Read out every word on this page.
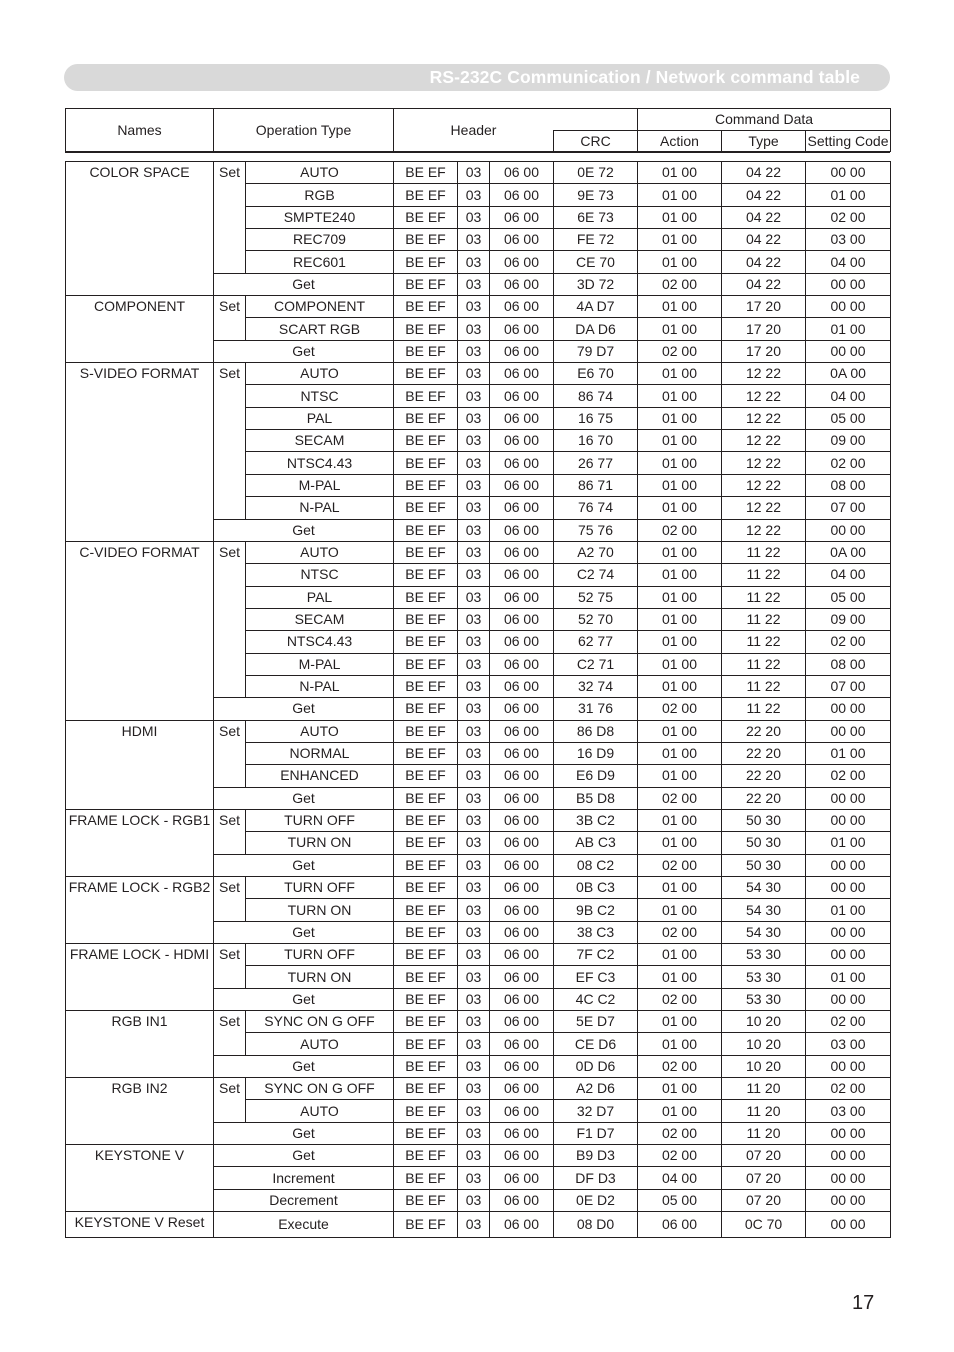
RS-232C Communication / Network command table
Names	Operation Type	Header		Command Data		
			CRC	Action	Type	Setting Code
COLOR SPACE	Set	AUTO	BE EF	03	06 00	0E 72	01 00	04 22	00 00
		RGB	BE EF	03	06 00	9E 73	01 00	04 22	01 00
		SMPTE240	BE EF	03	06 00	6E 73	01 00	04 22	02 00
		REC709	BE EF	03	06 00	FE 72	01 00	04 22	03 00
		REC601	BE EF	03	06 00	CE 70	01 00	04 22	04 00
	Get		BE EF	03	06 00	3D 72	02 00	04 22	00 00
COMPONENT	Set	COMPONENT	BE EF	03	06 00	4A D7	01 00	17 20	00 00
		SCART RGB	BE EF	03	06 00	DA D6	01 00	17 20	01 00
	Get		BE EF	03	06 00	79 D7	02 00	17 20	00 00
S-VIDEO FORMAT	Set	AUTO	BE EF	03	06 00	E6 70	01 00	12 22	0A 00
		NTSC	BE EF	03	06 00	86 74	01 00	12 22	04 00
		PAL	BE EF	03	06 00	16 75	01 00	12 22	05 00
		SECAM	BE EF	03	06 00	16 70	01 00	12 22	09 00
		NTSC4.43	BE EF	03	06 00	26 77	01 00	12 22	02 00
		M-PAL	BE EF	03	06 00	86 71	01 00	12 22	08 00
		N-PAL	BE EF	03	06 00	76 74	01 00	12 22	07 00
	Get		BE EF	03	06 00	75 76	02 00	12 22	00 00
C-VIDEO FORMAT	Set	AUTO	BE EF	03	06 00	A2 70	01 00	11 22	0A 00
		NTSC	BE EF	03	06 00	C2 74	01 00	11 22	04 00
		PAL	BE EF	03	06 00	52 75	01 00	11 22	05 00
		SECAM	BE EF	03	06 00	52 70	01 00	11 22	09 00
		NTSC4.43	BE EF	03	06 00	62 77	01 00	11 22	02 00
		M-PAL	BE EF	03	06 00	C2 71	01 00	11 22	08 00
		N-PAL	BE EF	03	06 00	32 74	01 00	11 22	07 00
	Get		BE EF	03	06 00	31 76	02 00	11 22	00 00
HDMI	Set	AUTO	BE EF	03	06 00	86 D8	01 00	22 20	00 00
		NORMAL	BE EF	03	06 00	16 D9	01 00	22 20	01 00
		ENHANCED	BE EF	03	06 00	E6 D9	01 00	22 20	02 00
	Get		BE EF	03	06 00	B5 D8	02 00	22 20	00 00
FRAME LOCK - RGB1	Set	TURN OFF	BE EF	03	06 00	3B C2	01 00	50 30	00 00
		TURN ON	BE EF	03	06 00	AB C3	01 00	50 30	01 00
	Get		BE EF	03	06 00	08 C2	02 00	50 30	00 00
FRAME LOCK - RGB2	Set	TURN OFF	BE EF	03	06 00	0B C3	01 00	54 30	00 00
		TURN ON	BE EF	03	06 00	9B C2	01 00	54 30	01 00
	Get		BE EF	03	06 00	38 C3	02 00	54 30	00 00
FRAME LOCK - HDMI	Set	TURN OFF	BE EF	03	06 00	7F C2	01 00	53 30	00 00
		TURN ON	BE EF	03	06 00	EF C3	01 00	53 30	01 00
	Get		BE EF	03	06 00	4C C2	02 00	53 30	00 00
RGB IN1	Set	SYNC ON G OFF	BE EF	03	06 00	5E D7	01 00	10 20	02 00
		AUTO	BE EF	03	06 00	CE D6	01 00	10 20	03 00
	Get		BE EF	03	06 00	0D D6	02 00	10 20	00 00
RGB IN2	Set	SYNC ON G OFF	BE EF	03	06 00	A2 D6	01 00	11 20	02 00
		AUTO	BE EF	03	06 00	32 D7	01 00	11 20	03 00
	Get		BE EF	03	06 00	F1 D7	02 00	11 20	00 00
KEYSTONE V	Get		BE EF	03	06 00	B9 D3	02 00	07 20	00 00
	Increment		BE EF	03	06 00	DF D3	04 00	07 20	00 00
	Decrement		BE EF	03	06 00	0E D2	05 00	07 20	00 00
KEYSTONE V Reset	Execute		BE EF	03	06 00	08 D0	06 00	0C 70	00 00
17
